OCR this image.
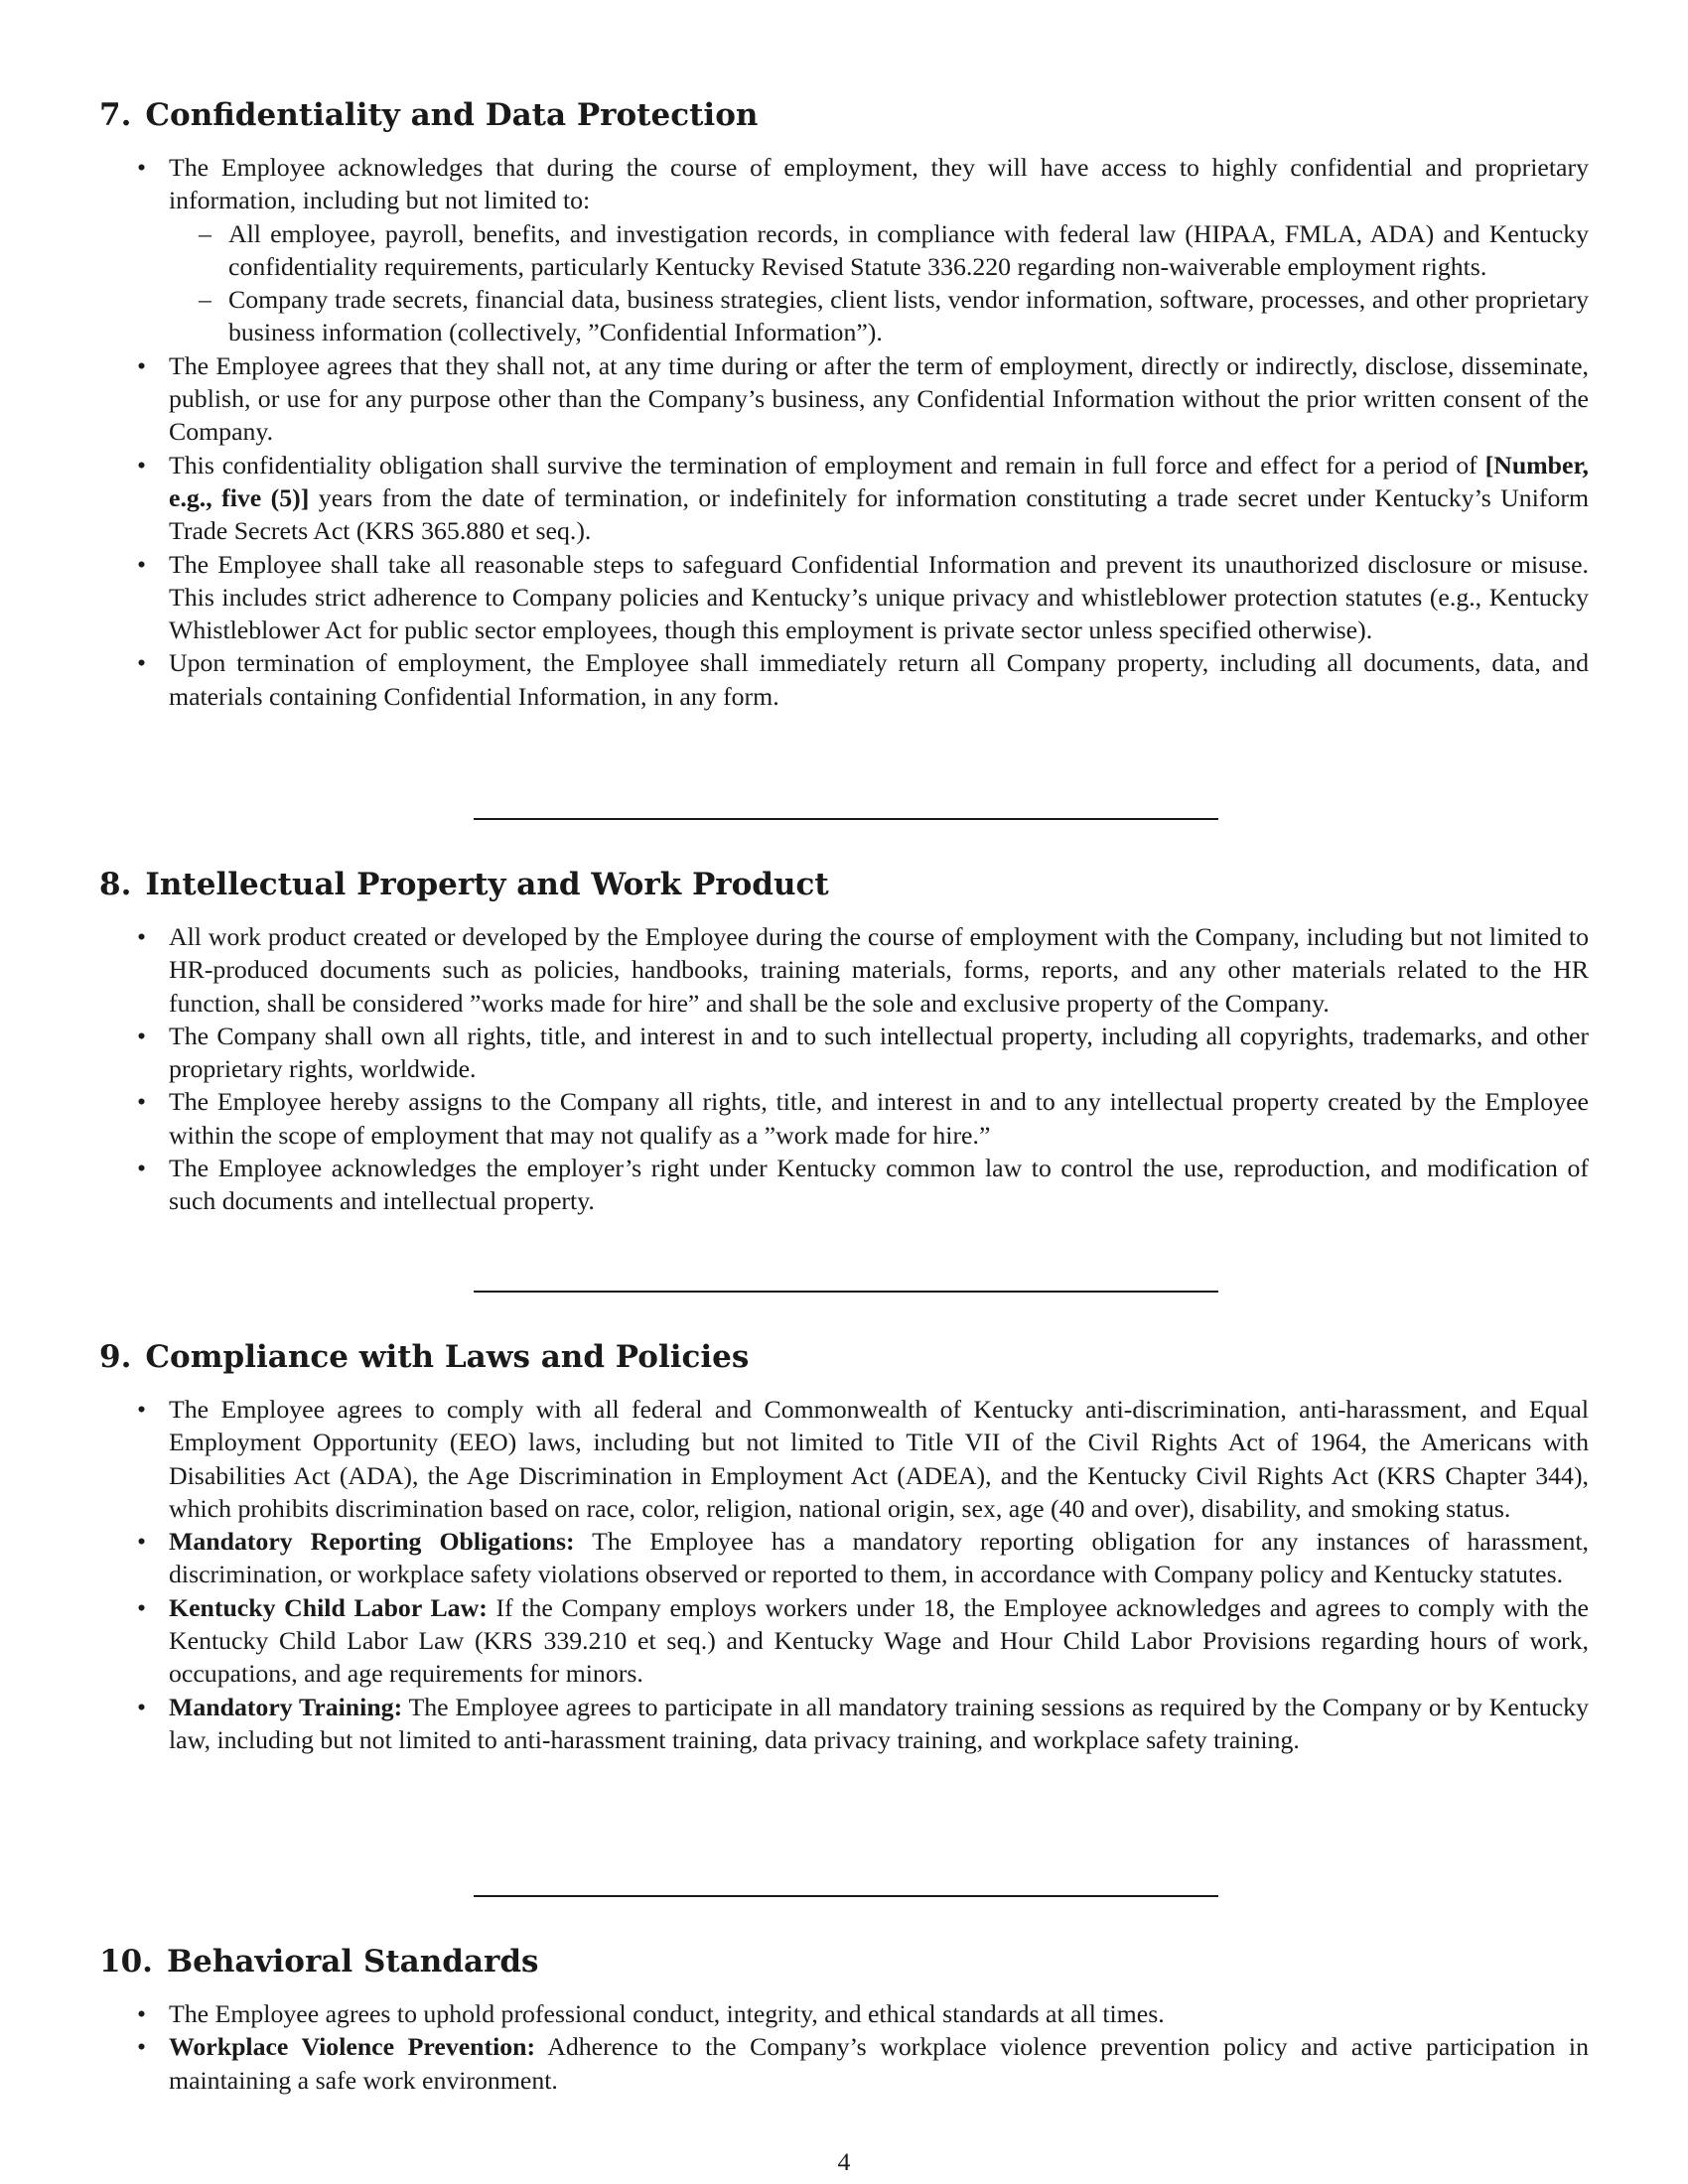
7. Confidentiality and Data Protection
• The Employee acknowledges that during the course of employment, they will have access to highly confidential and proprietary information, including but not limited to:
– All employee, payroll, benefits, and investigation records, in compliance with federal law (HIPAA, FMLA, ADA) and Kentucky confidentiality requirements, particularly Kentucky Revised Statute 336.220 regarding non-waiverable employment rights.
– Company trade secrets, financial data, business strategies, client lists, vendor information, software, processes, and other proprietary business information (collectively, ”Confidential Information”).
• The Employee agrees that they shall not, at any time during or after the term of employment, directly or indirectly, disclose, disseminate, publish, or use for any purpose other than the Company’s business, any Confidential Information without the prior written consent of the Company.
• This confidentiality obligation shall survive the termination of employment and remain in full force and effect for a period of [Number, e.g., five (5)] years from the date of termination, or indefinitely for information constituting a trade secret under Kentucky’s Uniform Trade Secrets Act (KRS 365.880 et seq.).
• The Employee shall take all reasonable steps to safeguard Confidential Information and prevent its unauthorized disclosure or misuse. This includes strict adherence to Company policies and Kentucky’s unique privacy and whistleblower protection statutes (e.g., Kentucky Whistleblower Act for public sector employees, though this employment is private sector unless specified otherwise).
• Upon termination of employment, the Employee shall immediately return all Company property, including all documents, data, and materials containing Confidential Information, in any form.
8. Intellectual Property and Work Product
• All work product created or developed by the Employee during the course of employment with the Company, including but not limited to HR-produced documents such as policies, handbooks, training materials, forms, reports, and any other materials related to the HR function, shall be considered ”works made for hire” and shall be the sole and exclusive property of the Company.
• The Company shall own all rights, title, and interest in and to such intellectual property, including all copyrights, trademarks, and other proprietary rights, worldwide.
• The Employee hereby assigns to the Company all rights, title, and interest in and to any intellectual property created by the Employee within the scope of employment that may not qualify as a ”work made for hire.”
• The Employee acknowledges the employer’s right under Kentucky common law to control the use, reproduction, and modification of such documents and intellectual property.
9. Compliance with Laws and Policies
• The Employee agrees to comply with all federal and Commonwealth of Kentucky anti-discrimination, anti-harassment, and Equal Employment Opportunity (EEO) laws, including but not limited to Title VII of the Civil Rights Act of 1964, the Americans with Disabilities Act (ADA), the Age Discrimination in Employment Act (ADEA), and the Kentucky Civil Rights Act (KRS Chapter 344), which prohibits discrimination based on race, color, religion, national origin, sex, age (40 and over), disability, and smoking status.
• Mandatory Reporting Obligations: The Employee has a mandatory reporting obligation for any instances of harassment, discrimination, or workplace safety violations observed or reported to them, in accordance with Company policy and Kentucky statutes.
• Kentucky Child Labor Law: If the Company employs workers under 18, the Employee acknowledges and agrees to comply with the Kentucky Child Labor Law (KRS 339.210 et seq.) and Kentucky Wage and Hour Child Labor Provisions regarding hours of work, occupations, and age requirements for minors.
• Mandatory Training: The Employee agrees to participate in all mandatory training sessions as required by the Company or by Kentucky law, including but not limited to anti-harassment training, data privacy training, and workplace safety training.
10. Behavioral Standards
• The Employee agrees to uphold professional conduct, integrity, and ethical standards at all times.
• Workplace Violence Prevention: Adherence to the Company’s workplace violence prevention policy and active participation in maintaining a safe work environment.
4
